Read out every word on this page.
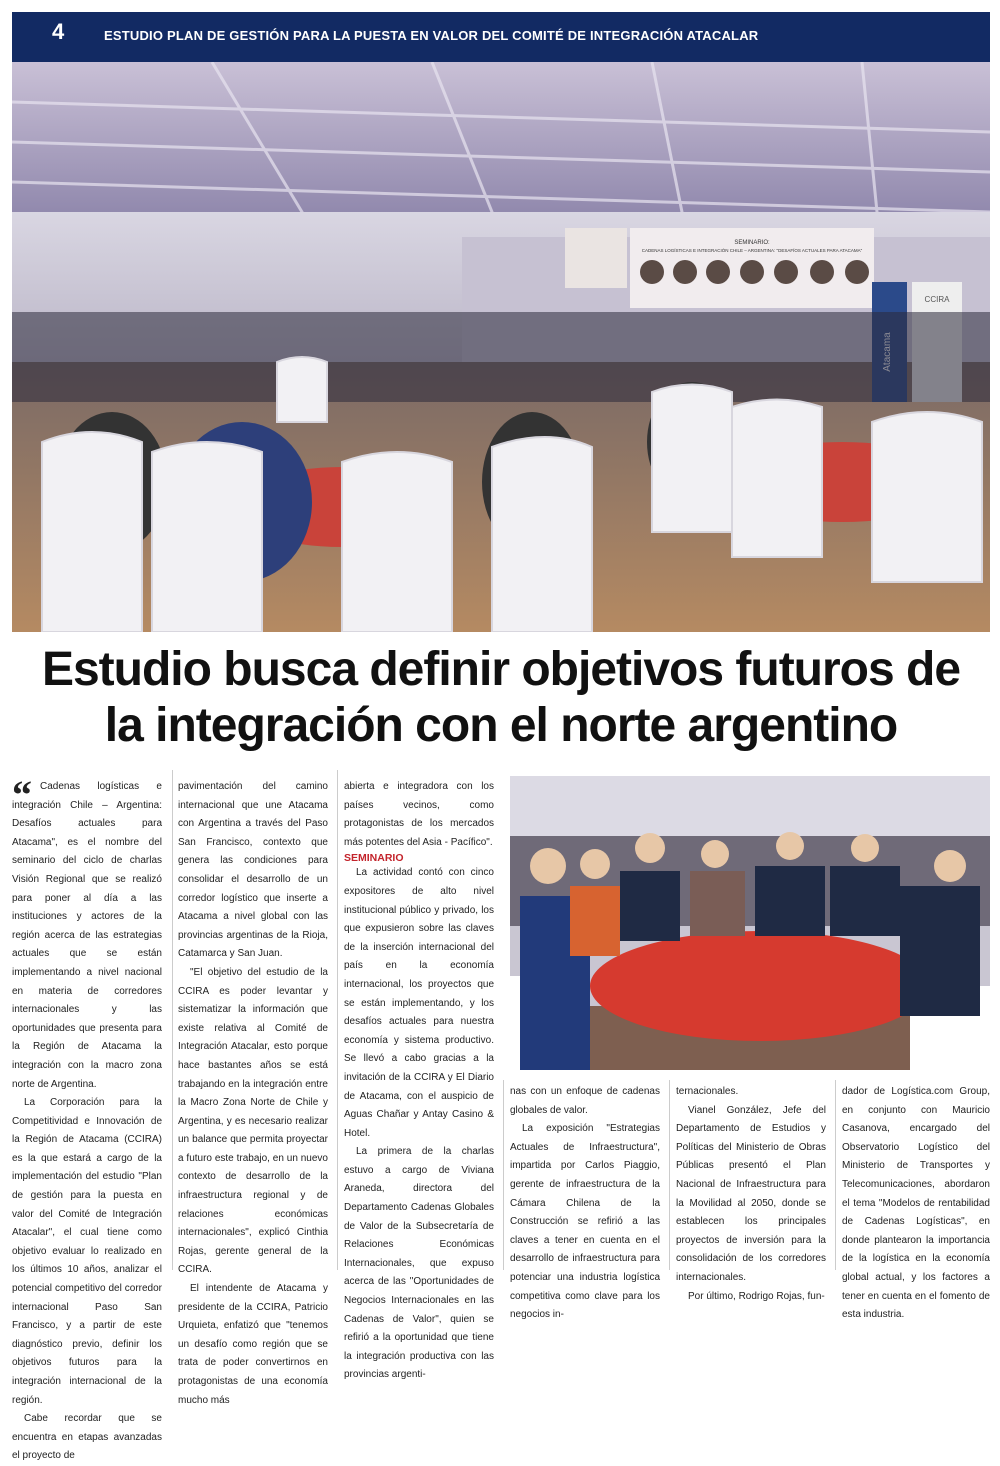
ESTUDIO PLAN DE GESTIÓN PARA LA PUESTA EN VALOR DEL COMITÉ DE INTEGRACIÓN ATACALAR
SEMINARIO:
CADENAS LOGÍSTICAS E INTEGRACIÓN CHILE – ARGENTINA: "DESAFÍOS ACTUALES PARA ATACAMA"
CCIRA
Estudio busca definir objetivos futuros de
la integración con el norte argentino
“ Cadenas logísticas e integración Chile – Argentina: Desafíos actuales para Atacama", es el nombre del seminario del ciclo de charlas Visión Regional que se realizó para poner al día a las instituciones y actores de la región acerca de las estrategias actuales que se están implementando a nivel nacional en materia de corredores internacionales y las oportunidades que presenta para la Región de Atacama la integración con la macro zona norte de Argentina.

La Corporación para la Competitividad e Innovación de la Región de Atacama (CCIRA) es la que estará a cargo de la implementación del estudio "Plan de gestión para la puesta en valor del Comité de Integración Atacalar", el cual tiene como objetivo evaluar lo realizado en los últimos 10 años, analizar el potencial competitivo del corredor internacional Paso San Francisco, y a partir de este diagnóstico previo, definir los objetivos futuros para la integración internacional de la región.

Cabe recordar que se encuentra en etapas avanzadas el proyecto de

pavimentación del camino internacional que une Atacama con Argentina a través del Paso San Francisco, contexto que genera las condiciones para consolidar el desarrollo de un corredor logístico que inserte a Atacama a nivel global con las provincias argentinas de la Rioja, Catamarca y San Juan.

"El objetivo del estudio de la CCIRA es poder levantar y sistematizar la información que existe relativa al Comité de Integración Atacalar, esto porque hace bastantes años se está trabajando en la integración entre la Macro Zona Norte de Chile y Argentina, y es necesario realizar un balance que permita proyectar a futuro este trabajo, en un nuevo contexto de desarrollo de la infraestructura regional y de relaciones económicas internacionales", explicó Cinthia Rojas, gerente general de la CCIRA.

El intendente de Atacama y presidente de la CCIRA, Patricio Urquieta, enfatizó que "tenemos un desafío como región que se trata de poder convertirnos en protagonistas de una economía mucho más

abierta e integradora con los países vecinos, como protagonistas de los mercados más potentes del Asia - Pacífico".

SEMINARIO

La actividad contó con cinco expositores de alto nivel institucional público y privado, los que expusieron sobre las claves de la inserción internacional del país en la economía internacional, los proyectos que se están implementando, y los desafíos actuales para nuestra economía y sistema productivo. Se llevó a cabo gracias a la invitación de la CCIRA y El Diario de Atacama, con el auspicio de Aguas Chañar y Antay Casino & Hotel.

La primera de la charlas estuvo a cargo de Viviana Araneda, directora del Departamento Cadenas Globales de Valor de la Subsecretaría de Relaciones Económicas Internacionales, que expuso acerca de las "Oportunidades de Negocios Internacionales en las Cadenas de Valor", quien se refirió a la oportunidad que tiene la integración productiva con las provincias argenti-

nas con un enfoque de cadenas globales de valor.

La exposición "Estrategias Actuales de Infraestructura", impartida por Carlos Piaggio, gerente de infraestructura de la Cámara Chilena de la Construcción se refirió a las claves a tener en cuenta en el desarrollo de infraestructura para potenciar una industria logística competitiva como clave para los negocios in-

ternacionales.

Vianel González, Jefe del Departamento de Estudios y Políticas del Ministerio de Obras Públicas presentó el Plan Nacional de Infraestructura para la Movilidad al 2050, donde se establecen los principales proyectos de inversión para la consolidación de los corredores internacionales.

Por último, Rodrigo Rojas, fun-

dador de Logística.com Group, en conjunto con Mauricio Casanova, encargado del Observatorio Logístico del Ministerio de Transportes y Telecomunicaciones, abordaron el tema "Modelos de rentabilidad de Cadenas Logísticas", en donde plantearon la importancia de la logística en la economía global actual, y los factores a tener en cuenta en el fomento de esta industria.
